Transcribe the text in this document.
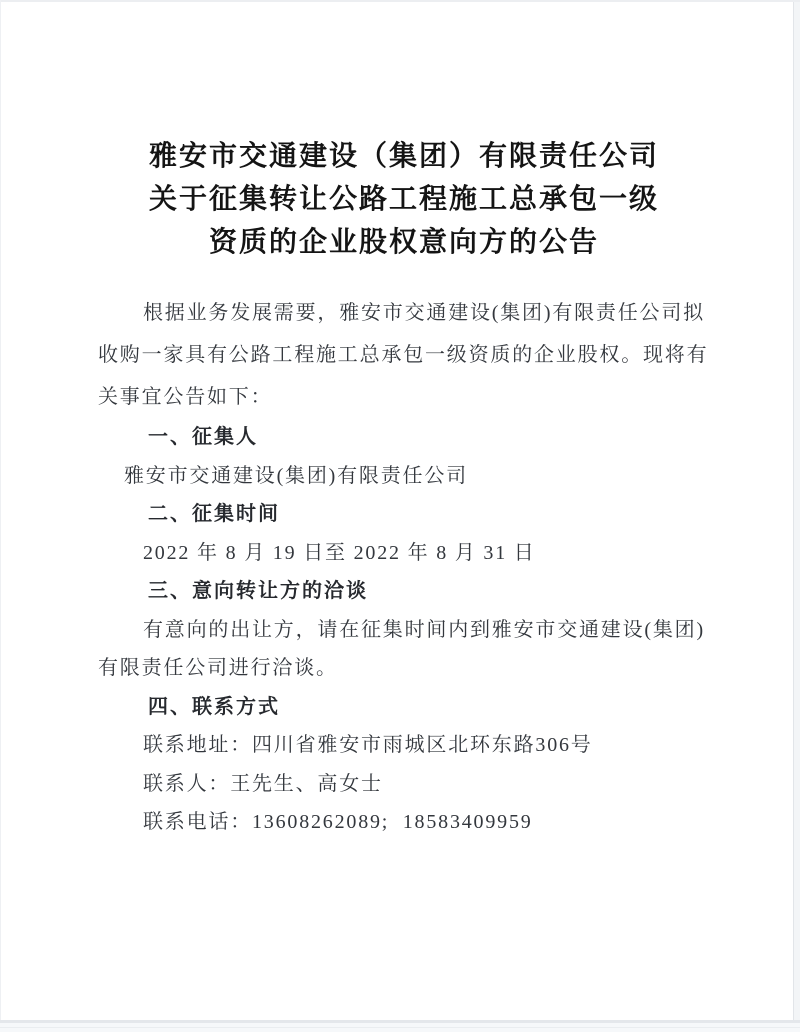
雅安市交通建设（集团）有限责任公司
关于征集转让公路工程施工总承包一级
资质的企业股权意向方的公告
根据业务发展需要，雅安市交通建设(集团)有限责任公司拟
收购一家具有公路工程施工总承包一级资质的企业股权。现将有
关事宜公告如下：
一、征集人
雅安市交通建设(集团)有限责任公司
二、征集时间
2022 年 8 月 19 日至 2022 年 8 月 31 日
三、意向转让方的洽谈
有意向的出让方，请在征集时间内到雅安市交通建设(集团)
有限责任公司进行洽谈。
四、联系方式
联系地址：四川省雅安市雨城区北环东路306号
联系人：王先生、高女士
联系电话：13608262089;  18583409959
